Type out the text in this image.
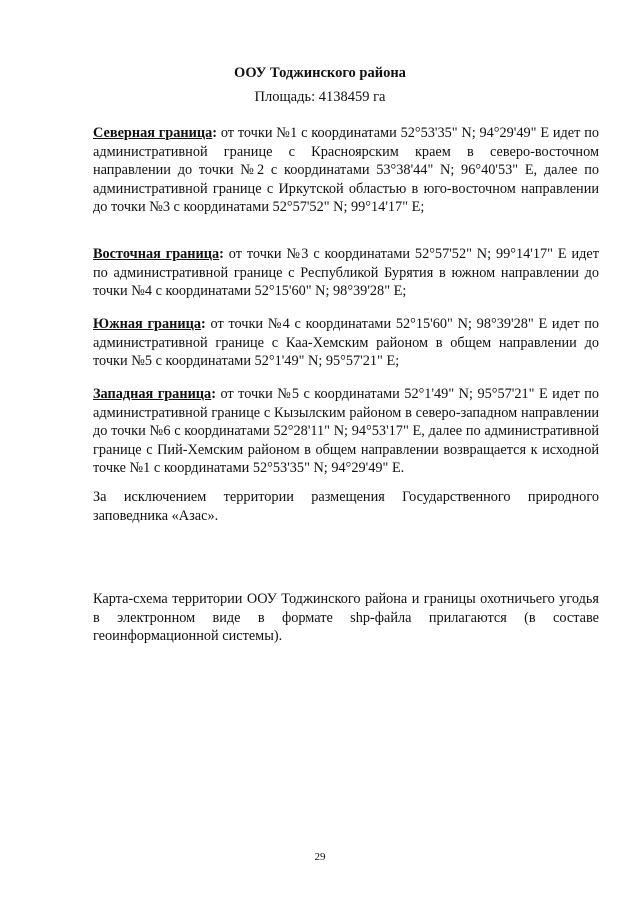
ООУ Тоджинского района
Площадь: 4138459 га

Северная граница: от точки №1 с координатами 52°53'35" N; 94°29'49" E идет по административной границе с Красноярским краем в северо-восточном направлении до точки №2 с координатами 53°38'44" N; 96°40'53" E, далее по административной границе с Иркутской областью в юго-восточном направлении до точки №3 с координатами 52°57'52" N; 99°14'17" E;

Восточная граница: от точки №3 с координатами 52°57'52" N; 99°14'17" E идет по административной границе с Республикой Бурятия в южном направлении до точки №4 с координатами 52°15'60" N; 98°39'28" E;

Южная граница: от точки №4 с координатами 52°15'60" N; 98°39'28" E идет по административной границе с Каа-Хемским районом в общем направлении до точки №5 с координатами 52°1'49" N; 95°57'21" E;

Западная граница: от точки №5 с координатами 52°1'49" N; 95°57'21" E идет по административной границе с Кызылским районом в северо-западном направлении до точки №6 с координатами 52°28'11" N; 94°53'17" E, далее по административной границе с Пий-Хемским районом в общем направлении возвращается к исходной точке №1 с координатами 52°53'35" N; 94°29'49" E.

За исключением территории размещения Государственного природного заповедника «Азас».

Карта-схема территории ООУ Тоджинского района и границы охотничьего угодья в электронном виде в формате shp-файла прилагаются (в составе геоинформационной системы).

29
